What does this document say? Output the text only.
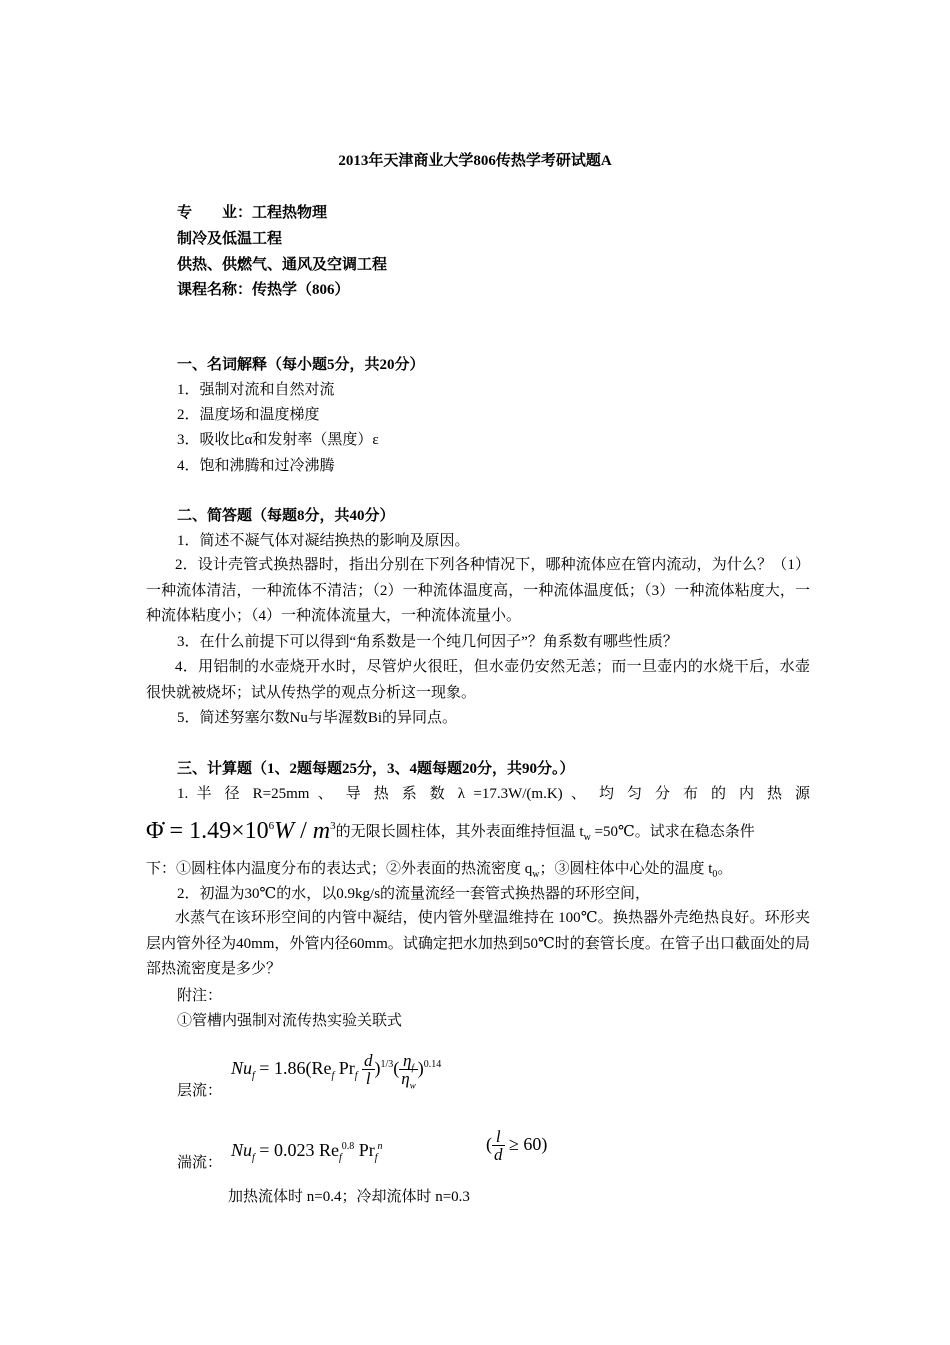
2013年天津商业大学806传热学考研试题A
专　　业：工程热物理
制冷及低温工程
供热、供燃气、通风及空调工程
课程名称：传热学（806）
一、名词解释（每小题5分，共20分）
1．强制对流和自然对流
2．温度场和温度梯度
3．吸收比α和发射率（黑度）ε
4．饱和沸腾和过冷沸腾
二、简答题（每题8分，共40分）
1．简述不凝气体对凝结换热的影响及原因。
2．设计壳管式换热器时，指出分别在下列各种情况下，哪种流体应在管内流动，为什么？（1）一种流体清洁，一种流体不清洁；（2）一种流体温度高，一种流体温度低；（3）一种流体粘度大，一种流体粘度小；（4）一种流体流量大，一种流体流量小。
3．在什么前提下可以得到“角系数是一个纯几何因子”？角系数有哪些性质？
4．用铝制的水壶烧开水时，尽管炉火很旺，但水壶仍安然无恙；而一旦壶内的水烧干后，水壶很快就被烧坏；试从传热学的观点分析这一现象。
5．简述努塞尔数Nu与毕渥数Bi的异同点。
三、计算题（1、2题每题25分，3、4题每题20分，共90分。）
1. 半 径 R=25mm 、 导 热 系 数 λ =17.3W/(m.K) 、 均 匀 分 布 的 内 热 源
Φ̇ = $1.49\times 10^6W / m^3$的无限长圆柱体，其外表面维持恒温 $t_w$ =50℃。试求在稳态条件
下：①圆柱体内温度分布的表达式；②外表面的热流密度 $q_w$；③圆柱体中心处的温度 $t_0$。
2．初温为30℃的水，以0.9kg/s的流量流经一套管式换热器的环形空间，
水蒸气在该环形空间的内管中凝结，使内管外壁温维持在 100℃。换热器外壳绝热良好。环形夹层内管外径为40mm，外管内径60mm。试确定把水加热到50℃时的套管长度。在管子出口截面处的局部热流密度是多少？
附注：
①管槽内强制对流传热实验关联式
$Nu_f = 1.86(Re_f$ $Pr_f \frac{d}{l} )^{1/3}( \frac{\eta_f}{\eta_w} )^{0.14}$
层流：
$Nu_f = 0.023$ $Re_f^{0.8}$ $Pr_f^n$	( $\frac{l}{d} \ge 60$)
湍流：
加热流体时 n=0.4；冷却流体时 n=0.3
